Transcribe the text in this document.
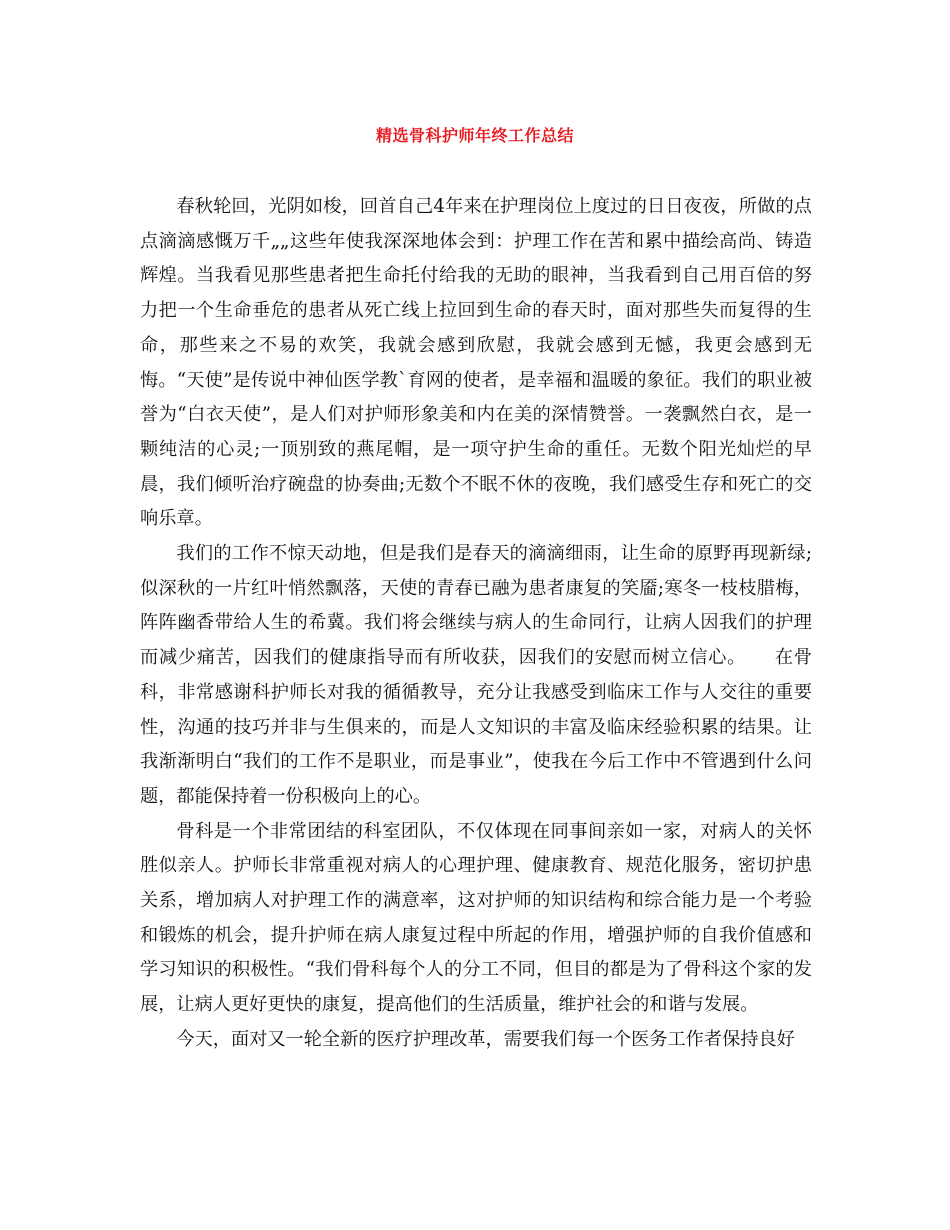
精选骨科护师年终工作总结

春秋轮回，光阴如梭，回首自己4年来在护理岗位上度过的日日夜夜，所做的点点滴滴感慨万千„„这些年使我深深地体会到：护理工作在苦和累中描绘高尚、铸造辉煌。当我看见那些患者把生命托付给我的无助的眼神，当我看到自己用百倍的努力把一个生命垂危的患者从死亡线上拉回到生命的春天时，面对那些失而复得的生命，那些来之不易的欢笑，我就会感到欣慰，我就会感到无憾，我更会感到无悔。“天使”是传说中神仙医学教`育网的使者，是幸福和温暖的象征。我们的职业被誉为“白衣天使”，是人们对护师形象美和内在美的深情赞誉。一袭飘然白衣，是一颗纯洁的心灵;一顶别致的燕尾帽，是一项守护生命的重任。无数个阳光灿烂的早晨，我们倾听治疗碗盘的协奏曲;无数个不眠不休的夜晚，我们感受生存和死亡的交响乐章。

我们的工作不惊天动地，但是我们是春天的滴滴细雨，让生命的原野再现新绿;似深秋的一片红叶悄然飘落，天使的青春已融为患者康复的笑靥;寒冬一枝枝腊梅，阵阵幽香带给人生的希冀。我们将会继续与病人的生命同行，让病人因我们的护理而减少痛苦，因我们的健康指导而有所收获，因我们的安慰而树立信心。　　在骨科，非常感谢科护师长对我的循循教导，充分让我感受到临床工作与人交往的重要性，沟通的技巧并非与生俱来的，而是人文知识的丰富及临床经验积累的结果。让我渐渐明白“我们的工作不是职业，而是事业”，使我在今后工作中不管遇到什么问题，都能保持着一份积极向上的心。

骨科是一个非常团结的科室团队，不仅体现在同事间亲如一家，对病人的关怀胜似亲人。护师长非常重视对病人的心理护理、健康教育、规范化服务，密切护患关系，增加病人对护理工作的满意率，这对护师的知识结构和综合能力是一个考验和锻炼的机会，提升护师在病人康复过程中所起的作用，增强护师的自我价值感和学习知识的积极性。“我们骨科每个人的分工不同，但目的都是为了骨科这个家的发展，让病人更好更快的康复，提高他们的生活质量，维护社会的和谐与发展。

今天，面对又一轮全新的医疗护理改革，需要我们每一个医务工作者保持良好
